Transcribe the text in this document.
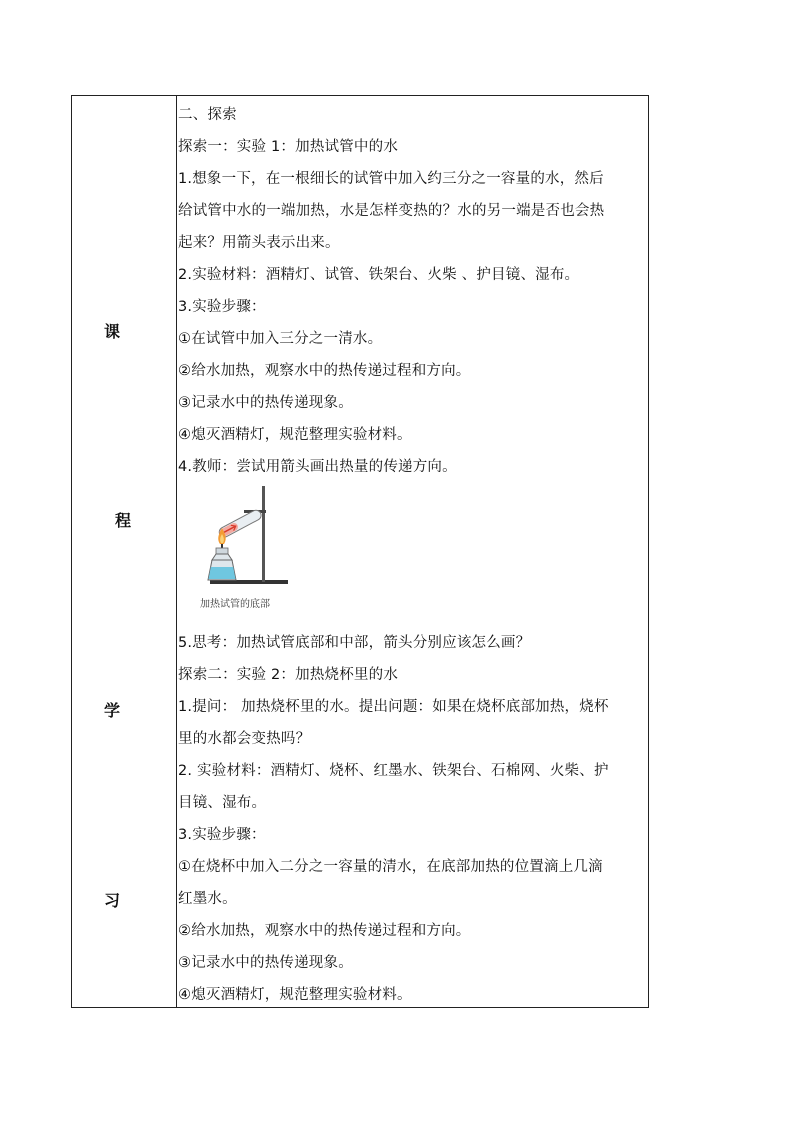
课
程
学
习
二、探索
探索一：实验 1：加热试管中的水
1.想象一下，在一根细长的试管中加入约三分之一容量的水，然后
给试管中水的一端加热，水是怎样变热的？水的另一端是否也会热
起来？用箭头表示出来。
2.实验材料：酒精灯、试管、铁架台、火柴 、护目镜、湿布。
3.实验步骤：
①在试管中加入三分之一清水。
②给水加热，观察水中的热传递过程和方向。
③记录水中的热传递现象。
④熄灭酒精灯，规范整理实验材料。
4.教师：尝试用箭头画出热量的传递方向。
加热试管的底部
5.思考：加热试管底部和中部，箭头分别应该怎么画？
探索二：实验 2：加热烧杯里的水
1.提问： 加热烧杯里的水。提出问题：如果在烧杯底部加热，烧杯
里的水都会变热吗？
2. 实验材料：酒精灯、烧杯、红墨水、铁架台、石棉网、火柴、护
目镜、湿布。
3.实验步骤：
①在烧杯中加入二分之一容量的清水，在底部加热的位置滴上几滴
红墨水。
②给水加热，观察水中的热传递过程和方向。
③记录水中的热传递现象。
④熄灭酒精灯，规范整理实验材料。
